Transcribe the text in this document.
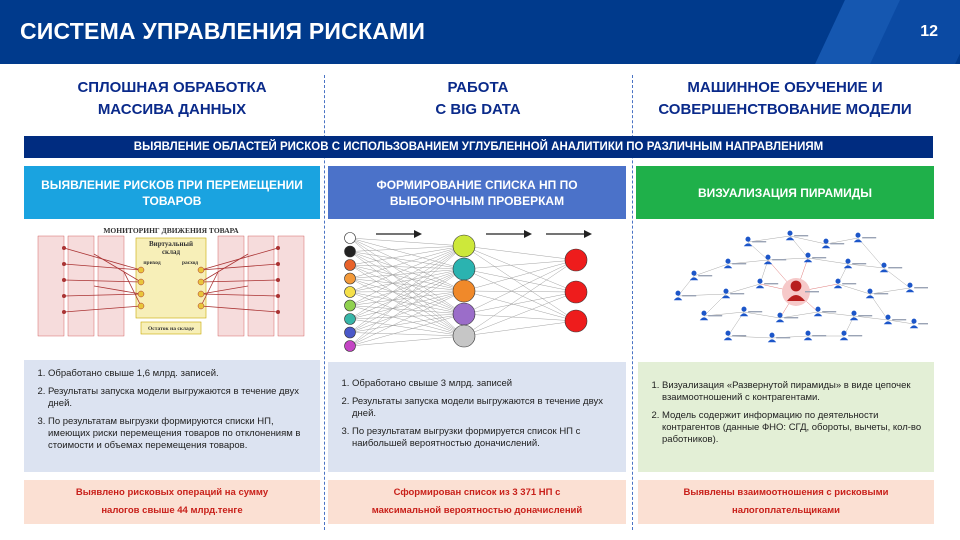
СИСТЕМА УПРАВЛЕНИЯ РИСКАМИ	12
СПЛОШНАЯ ОБРАБОТКА
МАССИВА ДАННЫХ
РАБОТА
С BIG DATA
МАШИННОЕ ОБУЧЕНИЕ И
СОВЕРШЕНСТВОВАНИЕ МОДЕЛИ
ВЫЯВЛЕНИЕ ОБЛАСТЕЙ РИСКОВ С ИСПОЛЬЗОВАНИЕМ УГЛУБЛЕННОЙ АНАЛИТИКИ ПО РАЗЛИЧНЫМ НАПРАВЛЕНИЯМ
ВЫЯВЛЕНИЕ РИСКОВ ПРИ ПЕРЕМЕЩЕНИИ ТОВАРОВ
ФОРМИРОВАНИЕ СПИСКА НП ПО ВЫБОРОЧНЫМ ПРОВЕРКАМ
ВИЗУАЛИЗАЦИЯ ПИРАМИДЫ
МОНИТОРИНГ ДВИЖЕНИЯ ТОВАРА
Виртуальный
склад
приход	расход
Остаток на складе
1. Обработано свыше 1,6 млрд. записей.
2. Результаты запуска модели выгружаются в течение двух дней.
3. По результатам выгрузки формируются списки НП, имеющих риски перемещения товаров по отклонениям в стоимости и объемах перемещения товаров.
1. Обработано свыше 3 млрд. записей
2. Результаты запуска модели выгружаются в течение двух дней.
3. По результатам выгрузки формируется список НП с наибольшей вероятностью доначислений.
1. Визуализация «Развернутой пирамиды» в виде цепочек взаимоотношений с контрагентами.
2. Модель содержит информацию по деятельности контрагентов (данные ФНО: СГД, обороты, вычеты, кол-во работников).
Выявлено рисковых операций на сумму
налогов свыше 44 млрд.тенге
Сформирован список из 3 371 НП с
максимальной вероятностью доначислений
Выявлены взаимоотношения с рисковыми
налогоплательщиками
